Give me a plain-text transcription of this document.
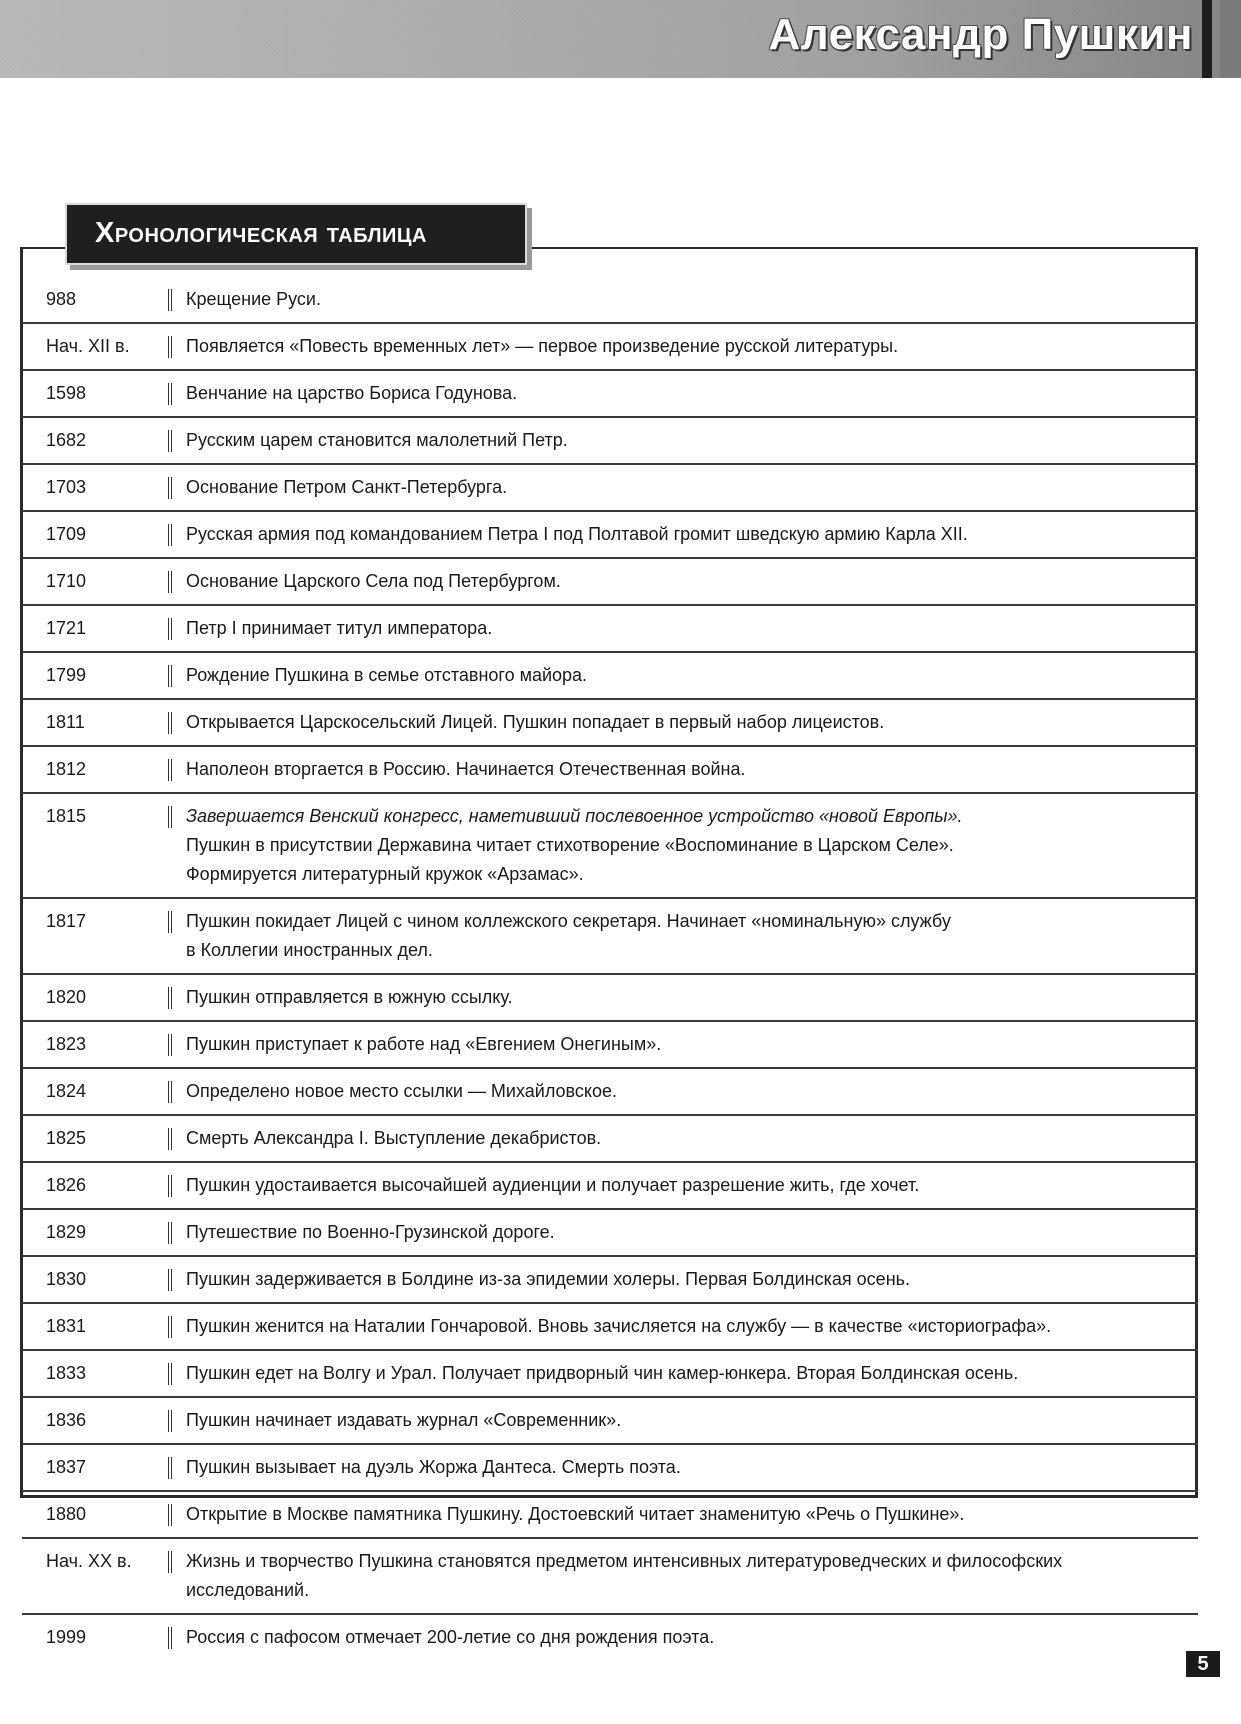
Александр Пушкин
Хронологическая таблица
988	Крещение Руси.
Нач. XII в.	Появляется «Повесть временных лет» — первое произведение русской литературы.
1598	Венчание на царство Бориса Годунова.
1682	Русским царем становится малолетний Петр.
1703	Основание Петром Санкт-Петербурга.
1709	Русская армия под командованием Петра I под Полтавой громит шведскую армию Карла XII.
1710	Основание Царского Села под Петербургом.
1721	Петр I принимает титул императора.
1799	Рождение Пушкина в семье отставного майора.
1811	Открывается Царскосельский Лицей. Пушкин попадает в первый набор лицеистов.
1812	Наполеон вторгается в Россию. Начинается Отечественная война.
1815	Завершается Венский конгресс, наметивший послевоенное устройство «новой Европы».
Пушкин в присутствии Державина читает стихотворение «Воспоминание в Царском Селе».
Формируется литературный кружок «Арзамас».
1817	Пушкин покидает Лицей с чином коллежского секретаря. Начинает «номинальную» службу
в Коллегии иностранных дел.
1820	Пушкин отправляется в южную ссылку.
1823	Пушкин приступает к работе над «Евгением Онегиным».
1824	Определено новое место ссылки — Михайловское.
1825	Смерть Александра I. Выступление декабристов.
1826	Пушкин удостаивается высочайшей аудиенции и получает разрешение жить, где хочет.
1829	Путешествие по Военно-Грузинской дороге.
1830	Пушкин задерживается в Болдине из-за эпидемии холеры. Первая Болдинская осень.
1831	Пушкин женится на Наталии Гончаровой. Вновь зачисляется на службу — в качестве «историографа».
1833	Пушкин едет на Волгу и Урал. Получает придворный чин камер-юнкера. Вторая Болдинская осень.
1836	Пушкин начинает издавать журнал «Современник».
1837	Пушкин вызывает на дуэль Жоржа Дантеса. Смерть поэта.
1880	Открытие в Москве памятника Пушкину. Достоевский читает знаменитую «Речь о Пушкине».
Нач. XX в.	Жизнь и творчество Пушкина становятся предметом интенсивных литературоведческих и философских
исследований.
1999	Россия с пафосом отмечает 200-летие со дня рождения поэта.
5
